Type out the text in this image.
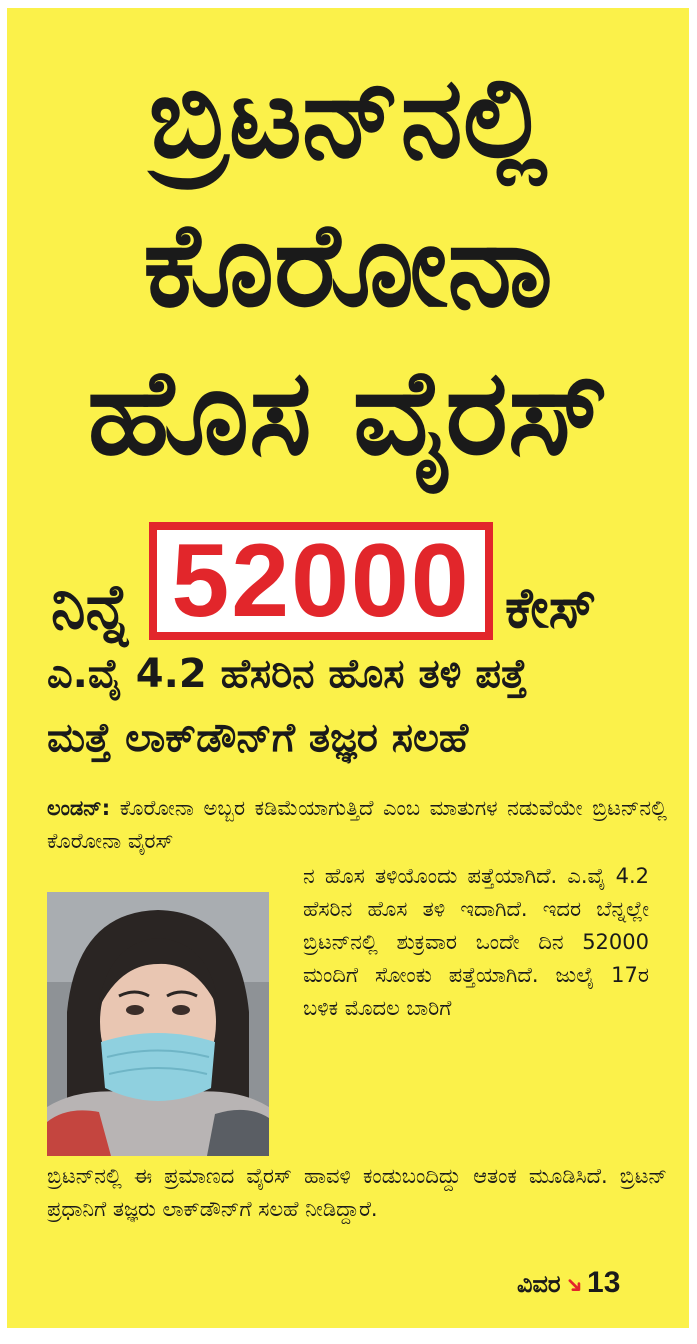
ಬ್ರಿಟನ್‌ನಲ್ಲಿ
ಕೊರೋನಾ
ಹೊಸ ವೈರಸ್
ನಿನ್ನೆ 52000 ಕೇಸ್
ಎ.ವೈ 4.2 ಹೆಸರಿನ ಹೊಸ ತಳಿ ಪತ್ತೆ
ಮತ್ತೆ ಲಾಕ್‌ಡೌನ್‌ಗೆ ತಜ್ಞರ ಸಲಹೆ
ಲಂಡನ್: ಕೊರೋನಾ ಅಬ್ಬರ ಕಡಿಮೆಯಾಗುತ್ತಿದೆ ಎಂಬ ಮಾತುಗಳ ನಡುವೆಯೇ ಬ್ರಿಟನ್‌ನಲ್ಲಿ ಕೊರೋನಾ ವೈರಸ್
ನ ಹೊಸ ತಳಿಯೊಂದು ಪತ್ತೆಯಾಗಿದೆ. ಎ.ವೈ 4.2 ಹೆಸರಿನ ಹೊಸ ತಳಿ ಇದಾಗಿದೆ. ಇದರ ಬೆನ್ನಲ್ಲೇ ಬ್ರಿಟನ್‌ನಲ್ಲಿ ಶುಕ್ರವಾರ ಒಂದೇ ದಿನ 52000 ಮಂದಿಗೆ ಸೋಂಕು ಪತ್ತೆಯಾಗಿದೆ. ಜುಲೈ 17ರ ಬಳಿಕ ಮೊದಲ ಬಾರಿಗೆ
ಬ್ರಿಟನ್‌ನಲ್ಲಿ ಈ ಪ್ರಮಾಣದ ವೈರಸ್ ಹಾವಳಿ ಕಂಡುಬಂದಿದ್ದು ಆತಂಕ ಮೂಡಿಸಿದೆ. ಬ್ರಿಟನ್ ಪ್ರಧಾನಿಗೆ ತಜ್ಞರು ಲಾಕ್‌ಡೌನ್‌ಗೆ ಸಲಹೆ ನೀಡಿದ್ದಾರೆ.
ವಿವರ➜13
